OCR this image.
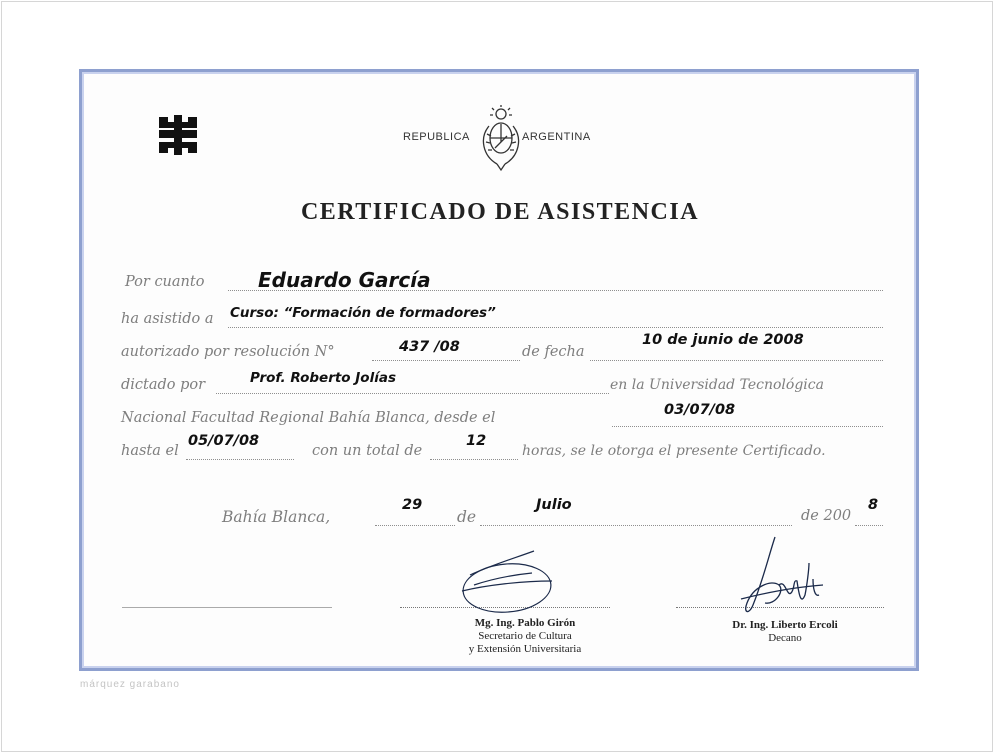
REPUBLICA	ARGENTINA
CERTIFICADO DE ASISTENCIA
Por cuanto	Eduardo García
ha asistido a Curso: “Formación de formadores”
autorizado por resolución N°	437 /08	de fecha
10 de junio de 2008
dictado por	Prof. Roberto Jolías	en la Universidad Tecnológica
Nacional Facultad Regional Bahía Blanca, desde el	03/07/08
hasta el
05/07/08
con un total de
12
horas, se le otorga el presente Certificado.
Bahía Blanca,
29
de
Julio
de 200
8
Mg. Ing. Pablo Girón
Secretario de Cultura
y Extensión Universitaria
Dr. Ing. Liberto Ercoli
Decano
márquez garabano
